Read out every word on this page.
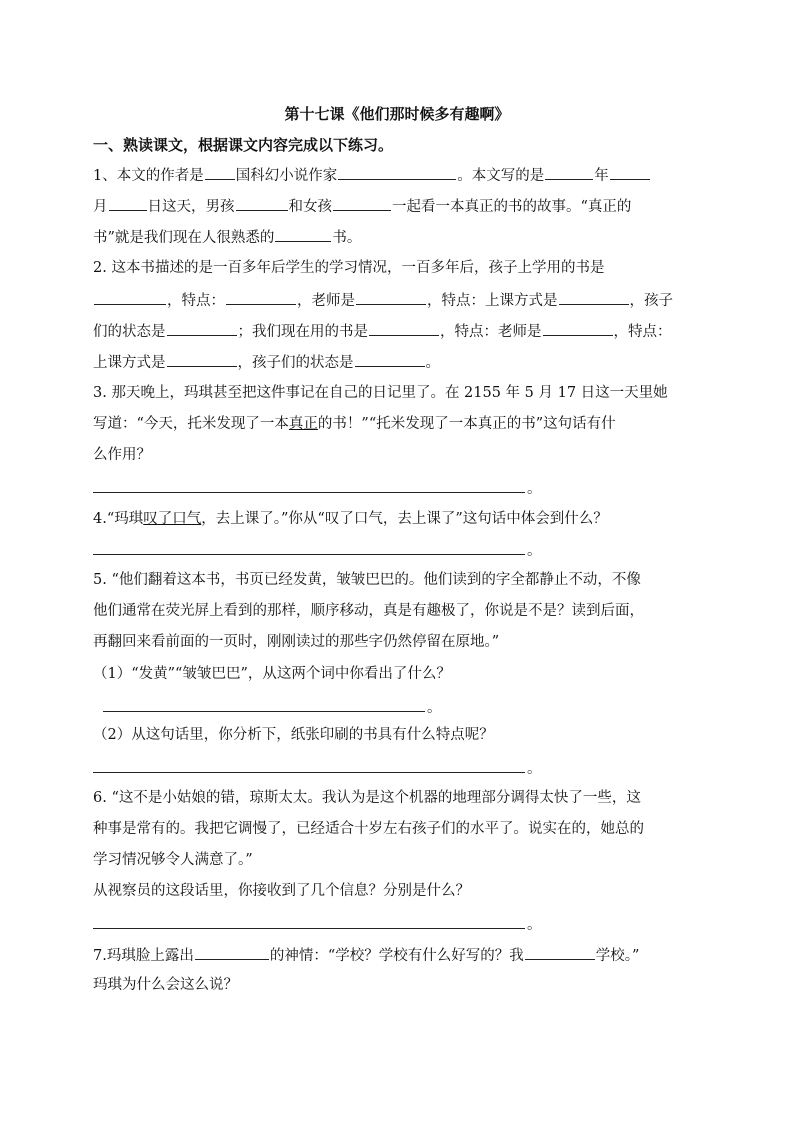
第十七课《他们那时候多有趣啊》
一、熟读课文，根据课文内容完成以下练习。
1、本文的作者是 国科幻小说作家	。本文写的是	年
月	日这天，男孩	和女孩	一起看一本真正的书的故事。“真正的
书”就是我们现在人很熟悉的	书。
2. 这本书描述的是一百多年后学生的学习情况，一百多年后，孩子上学用的书是
，特点：	，老师是	，特点：上课方式是	，孩子
们的状态是	；我们现在用的书是	，特点：老师是	，特点：
上课方式是	，孩子们的状态是	。
3. 那天晚上，玛琪甚至把这件事记在自己的日记里了。在 2155 年 5 月 17 日这一天里她
写道：“今天，托米发现了一本真正的书！”“托米发现了一本真正的书”这句话有什
么作用？
。
4.“玛琪叹了口气，去上课了。”你从“叹了口气，去上课了”这句话中体会到什么？
。
5. “他们翻着这本书，书页已经发黄，皱皱巴巴的。他们读到的字全都静止不动，不像
他们通常在荧光屏上看到的那样，顺序移动，真是有趣极了，你说是不是？读到后面，
再翻回来看前面的一页时，刚刚读过的那些字仍然停留在原地。”
（1）“发黄”“皱皱巴巴”，从这两个词中你看出了什么？
。
（2）从这句话里，你分析下，纸张印刷的书具有什么特点呢？
。
6. “这不是小姑娘的错，琼斯太太。我认为是这个机器的地理部分调得太快了一些，这
种事是常有的。我把它调慢了，已经适合十岁左右孩子们的水平了。说实在的，她总的
学习情况够令人满意了。”
从视察员的这段话里，你接收到了几个信息？分别是什么？
。
7.玛琪脸上露出	的神情：“学校？学校有什么好写的？我	学校。”
玛琪为什么会这么说？
